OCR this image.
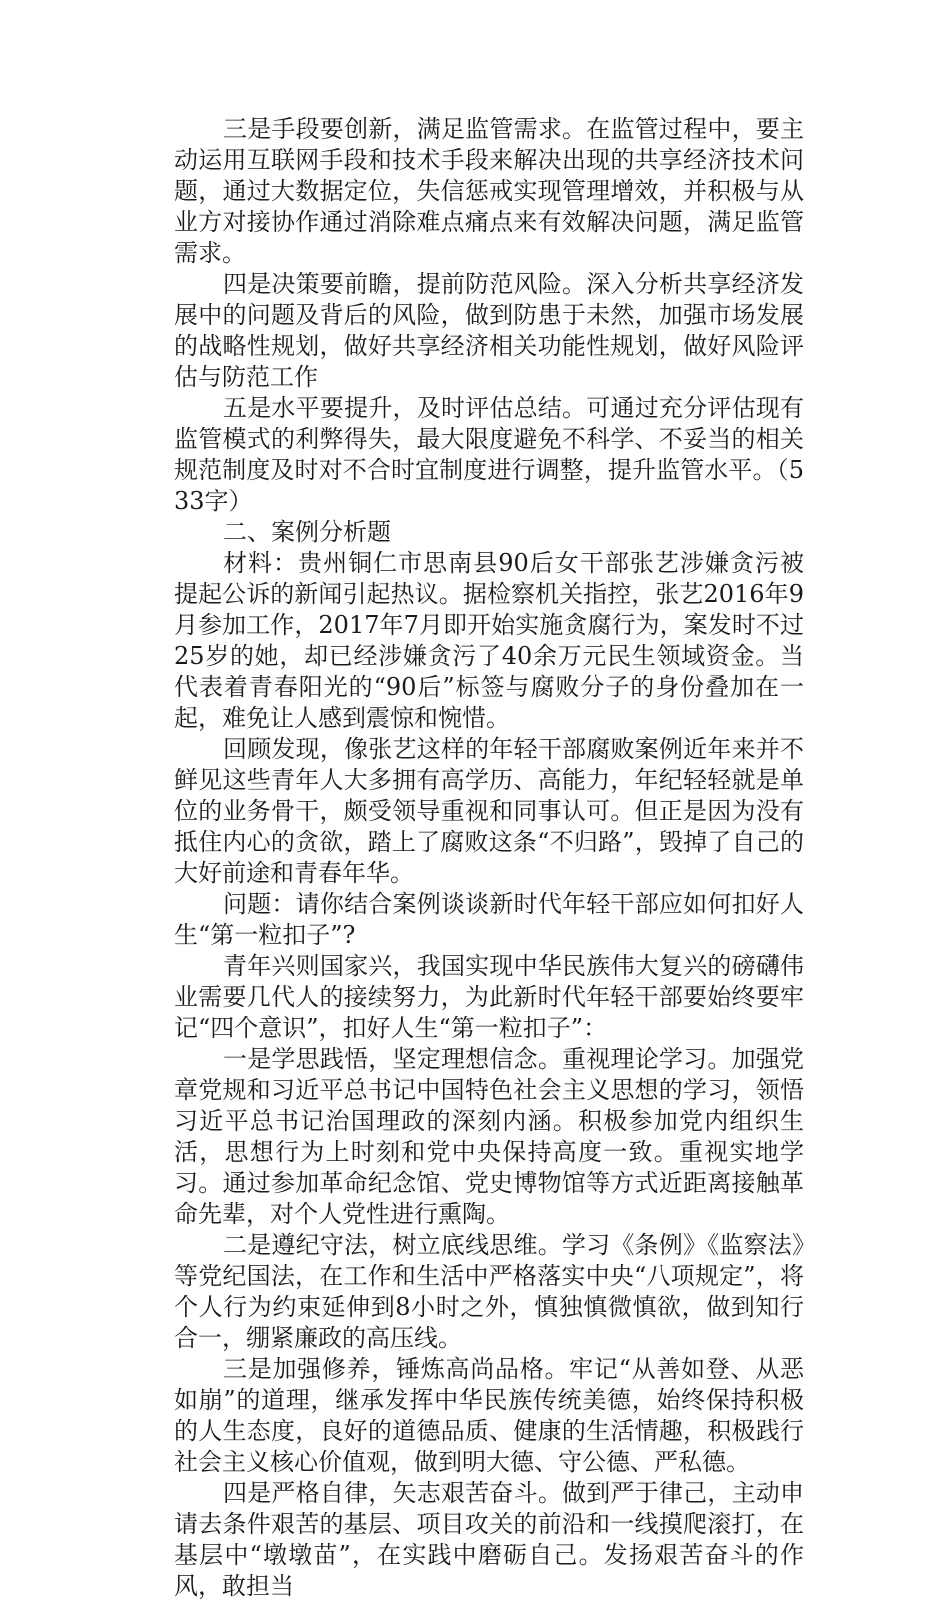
三是手段要创新，满足监管需求。在监管过程中，要主动运用互联网手段和技术手段来解决出现的共享经济技术问题，通过大数据定位，失信惩戒实现管理增效，并积极与从业方对接协作通过消除难点痛点来有效解决问题，满足监管需求。

四是决策要前瞻，提前防范风险。深入分析共享经济发展中的问题及背后的风险，做到防患于未然，加强市场发展的战略性规划，做好共享经济相关功能性规划，做好风险评估与防范工作

五是水平要提升，及时评估总结。可通过充分评估现有监管模式的利弊得失，最大限度避免不科学、不妥当的相关规范制度及时对不合时宜制度进行调整，提升监管水平。（533字）

二、案例分析题

材料：贵州铜仁市思南县90后女干部张艺涉嫌贪污被提起公诉的新闻引起热议。据检察机关指控，张艺2016年9月参加工作，2017年7月即开始实施贪腐行为，案发时不过25岁的她，却已经涉嫌贪污了40余万元民生领域资金。当代表着青春阳光的“90后”标签与腐败分子的身份叠加在一起，难免让人感到震惊和惋惜。

回顾发现，像张艺这样的年轻干部腐败案例近年来并不鲜见这些青年人大多拥有高学历、高能力，年纪轻轻就是单位的业务骨干，颇受领导重视和同事认可。但正是因为没有抵住内心的贪欲，踏上了腐败这条“不归路”，毁掉了自己的大好前途和青春年华。

问题：请你结合案例谈谈新时代年轻干部应如何扣好人生“第一粒扣子”?

青年兴则国家兴，我国实现中华民族伟大复兴的磅礴伟业需要几代人的接续努力，为此新时代年轻干部要始终要牢记“四个意识”，扣好人生“第一粒扣子”：

一是学思践悟，坚定理想信念。重视理论学习。加强党章党规和习近平总书记中国特色社会主义思想的学习，领悟习近平总书记治国理政的深刻内涵。积极参加党内组织生活，思想行为上时刻和党中央保持高度一致。重视实地学习。通过参加革命纪念馆、党史博物馆等方式近距离接触革命先辈，对个人党性进行熏陶。

二是遵纪守法，树立底线思维。学习《条例》《监察法》等党纪国法，在工作和生活中严格落实中央“八项规定”，将个人行为约束延伸到8小时之外，慎独慎微慎欲，做到知行合一，绷紧廉政的高压线。

三是加强修养，锤炼高尚品格。牢记“从善如登、从恶如崩”的道理，继承发挥中华民族传统美德，始终保持积极的人生态度，良好的道德品质、健康的生活情趣，积极践行社会主义核心价值观，做到明大德、守公德、严私德。

四是严格自律，矢志艰苦奋斗。做到严于律己，主动申请去条件艰苦的基层、项目攻关的前沿和一线摸爬滚打，在基层中“墩墩苗”，在实践中磨砺自己。发扬艰苦奋斗的作风，敢担当
